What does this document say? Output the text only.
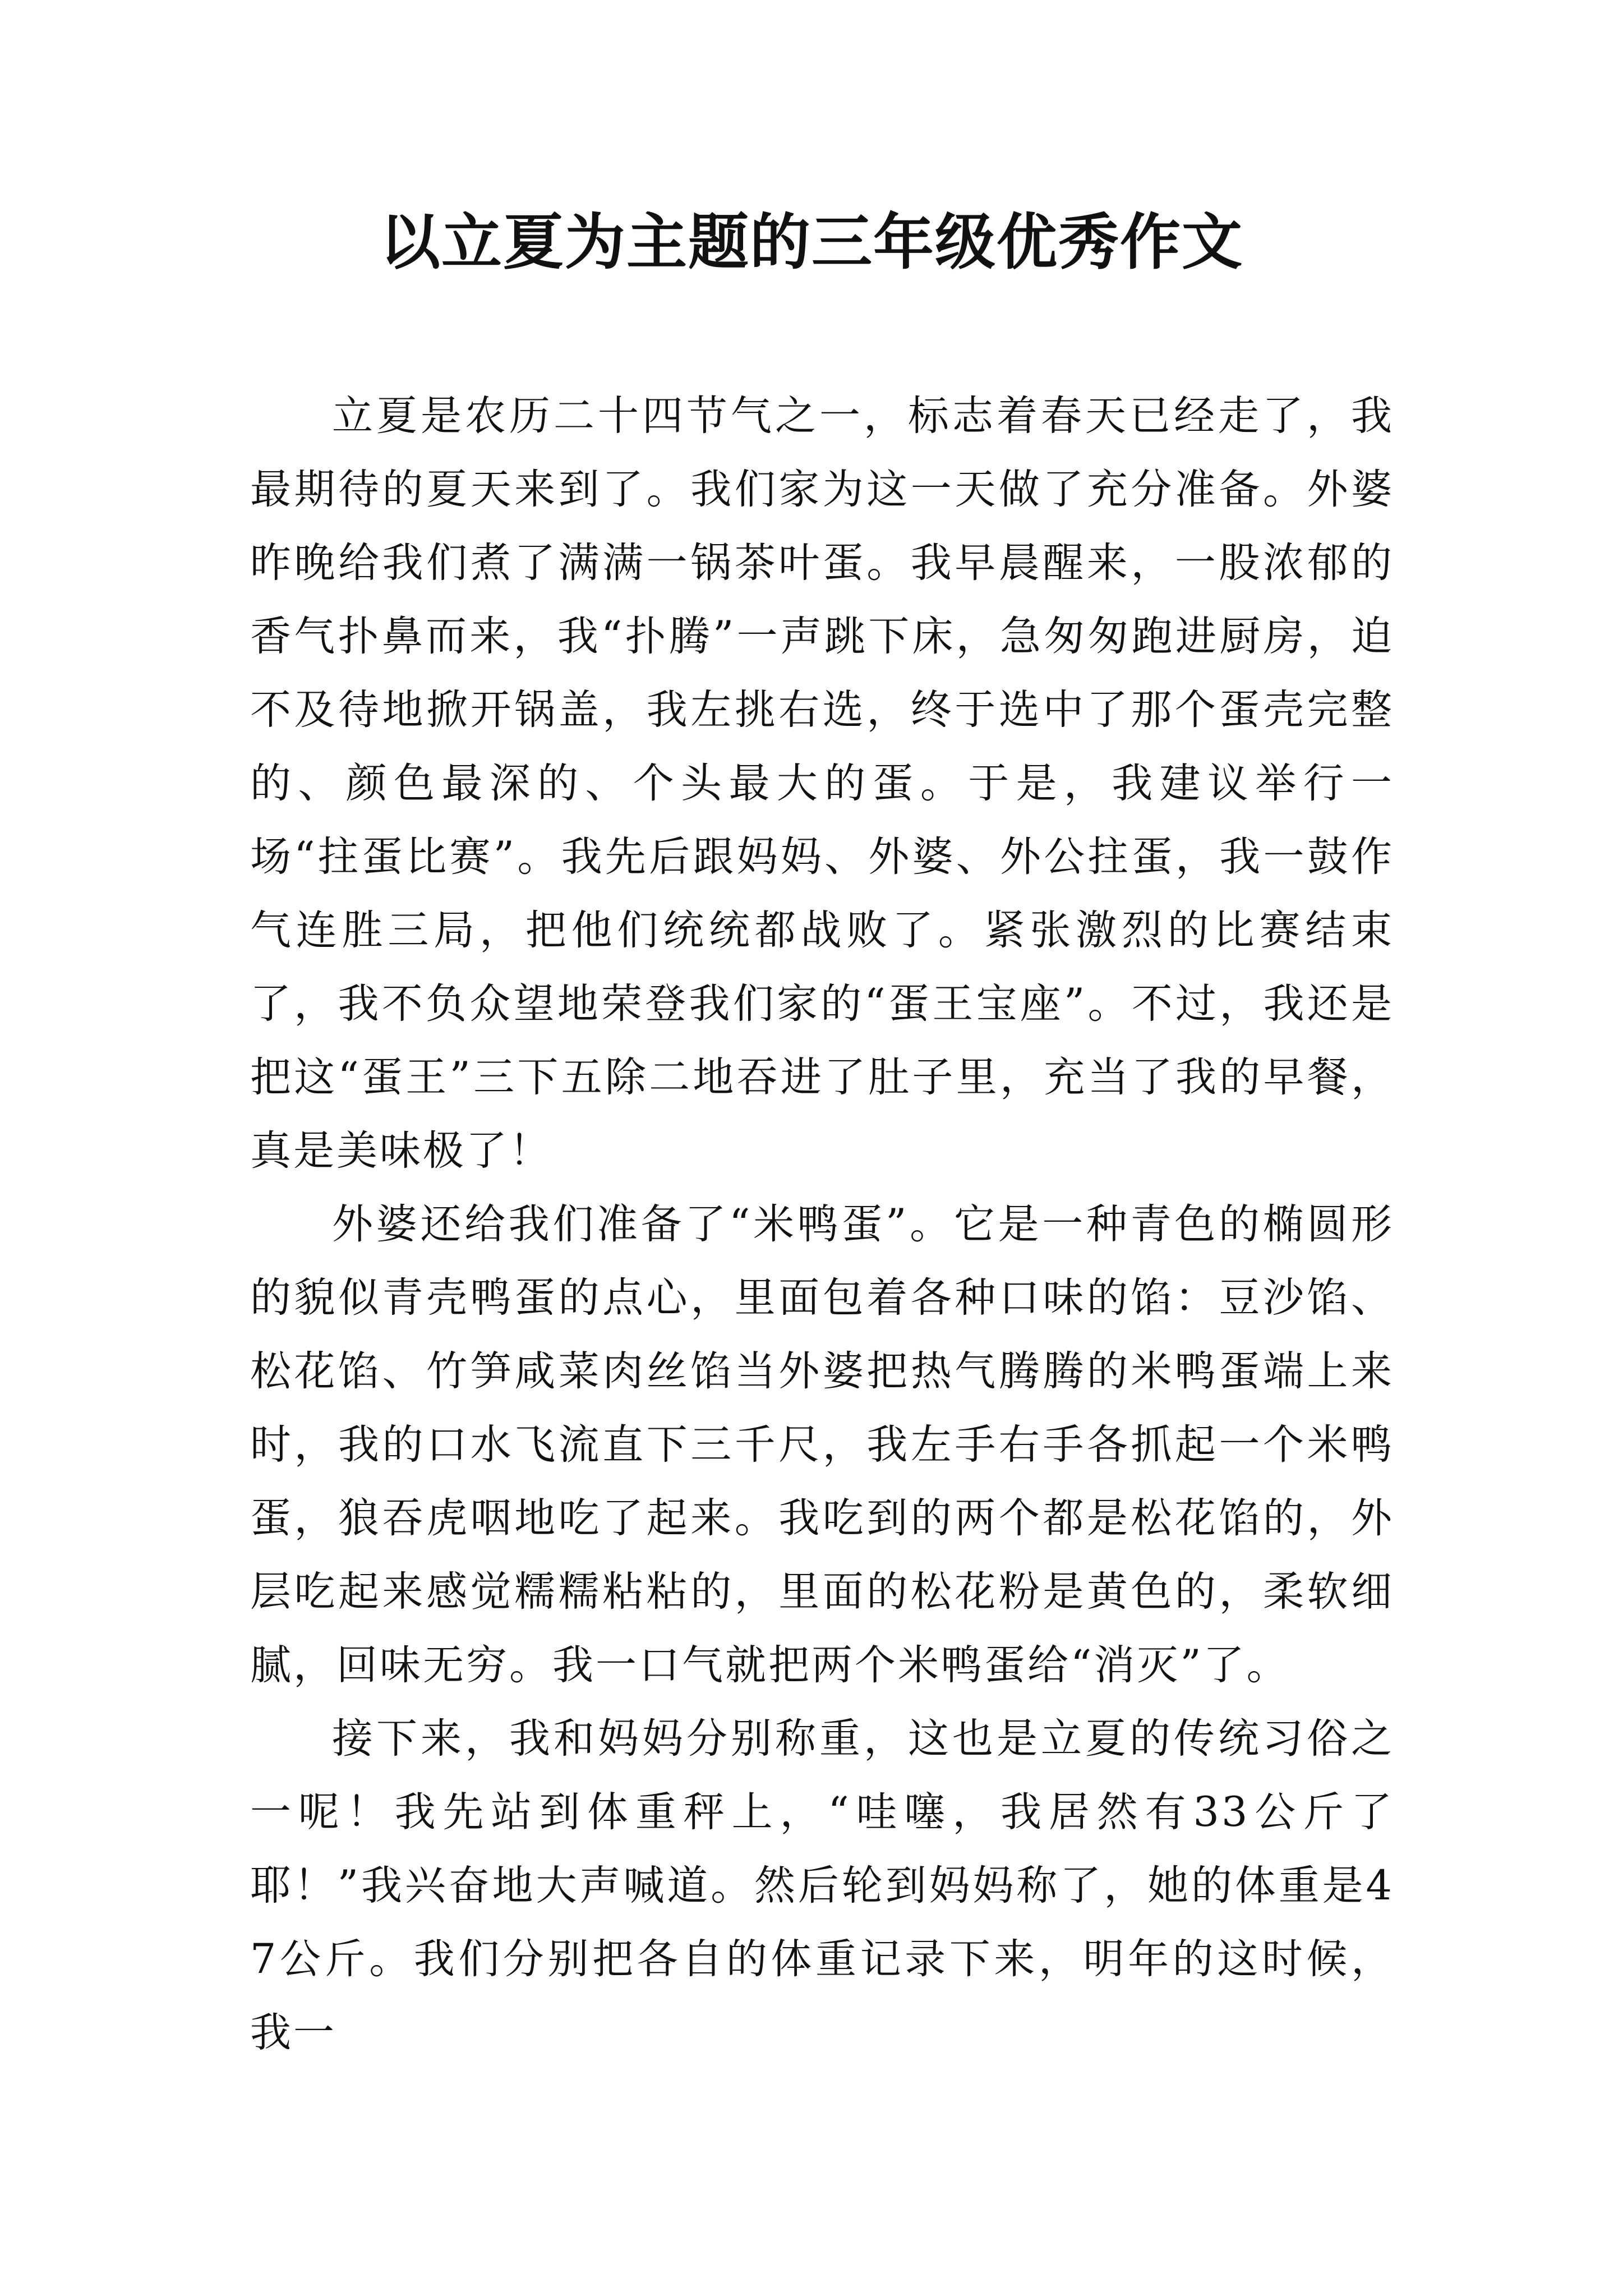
以立夏为主题的三年级优秀作文

立夏是农历二十四节气之一，标志着春天已经走了，我最期待的夏天来到了。我们家为这一天做了充分准备。外婆昨晚给我们煮了满满一锅茶叶蛋。我早晨醒来，一股浓郁的香气扑鼻而来，我“扑腾”一声跳下床，急匆匆跑进厨房，迫不及待地掀开锅盖，我左挑右选，终于选中了那个蛋壳完整的、颜色最深的、个头最大的蛋。于是，我建议举行一场“拄蛋比赛”。我先后跟妈妈、外婆、外公拄蛋，我一鼓作气连胜三局，把他们统统都战败了。紧张激烈的比赛结束了，我不负众望地荣登我们家的“蛋王宝座”。不过，我还是把这“蛋王”三下五除二地吞进了肚子里，充当了我的早餐，真是美味极了！

外婆还给我们准备了“米鸭蛋”。它是一种青色的椭圆形的貌似青壳鸭蛋的点心，里面包着各种口味的馅：豆沙馅、松花馅、竹笋咸菜肉丝馅当外婆把热气腾腾的米鸭蛋端上来时，我的口水飞流直下三千尺，我左手右手各抓起一个米鸭蛋，狼吞虎咽地吃了起来。我吃到的两个都是松花馅的，外层吃起来感觉糯糯粘粘的，里面的松花粉是黄色的，柔软细腻，回味无穷。我一口气就把两个米鸭蛋给“消灭”了。

接下来，我和妈妈分别称重，这也是立夏的传统习俗之一呢！我先站到体重秤上，“哇噻，我居然有33公斤了耶！”我兴奋地大声喊道。然后轮到妈妈称了，她的体重是47公斤。我们分别把各自的体重记录下来，明年的这时候，我一
